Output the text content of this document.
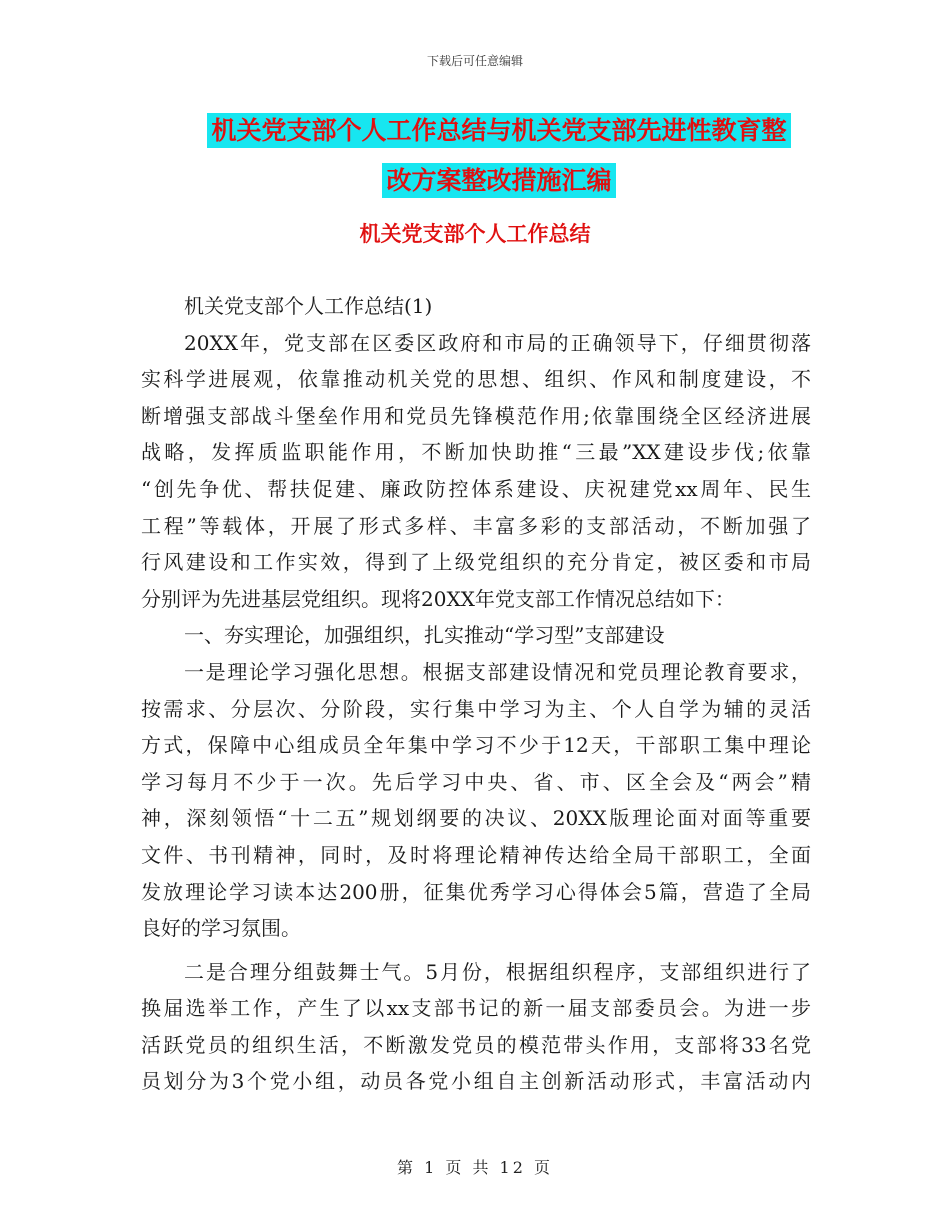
下载后可任意编辑
机关党支部个人工作总结与机关党支部先进性教育整
改方案整改措施汇编
机关党支部个人工作总结
机关党支部个人工作总结(1)
20XX年，党支部在区委区政府和市局的正确领导下，仔细贯彻落
实科学进展观，依靠推动机关党的思想、组织、作风和制度建设，不
断增强支部战斗堡垒作用和党员先锋模范作用;依靠围绕全区经济进展
战略，发挥质监职能作用，不断加快助推“三最”XX建设步伐;依靠
“创先争优、帮扶促建、廉政防控体系建设、庆祝建党xx周年、民生
工程”等载体，开展了形式多样、丰富多彩的支部活动，不断加强了
行风建设和工作实效，得到了上级党组织的充分肯定，被区委和市局
分别评为先进基层党组织。现将20XX年党支部工作情况总结如下：
一、夯实理论，加强组织，扎实推动“学习型”支部建设
一是理论学习强化思想。根据支部建设情况和党员理论教育要求，
按需求、分层次、分阶段，实行集中学习为主、个人自学为辅的灵活
方式，保障中心组成员全年集中学习不少于12天，干部职工集中理论
学习每月不少于一次。先后学习中央、省、市、区全会及“两会”精
神，深刻领悟“十二五”规划纲要的决议、20XX版理论面对面等重要
文件、书刊精神，同时，及时将理论精神传达给全局干部职工，全面
发放理论学习读本达200册，征集优秀学习心得体会5篇，营造了全局
良好的学习氛围。
二是合理分组鼓舞士气。5月份，根据组织程序，支部组织进行了
换届选举工作，产生了以xx支部书记的新一届支部委员会。为进一步
活跃党员的组织生活，不断激发党员的模范带头作用，支部将33名党
员划分为3个党小组，动员各党小组自主创新活动形式，丰富活动内
第 1 页 共 12 页
